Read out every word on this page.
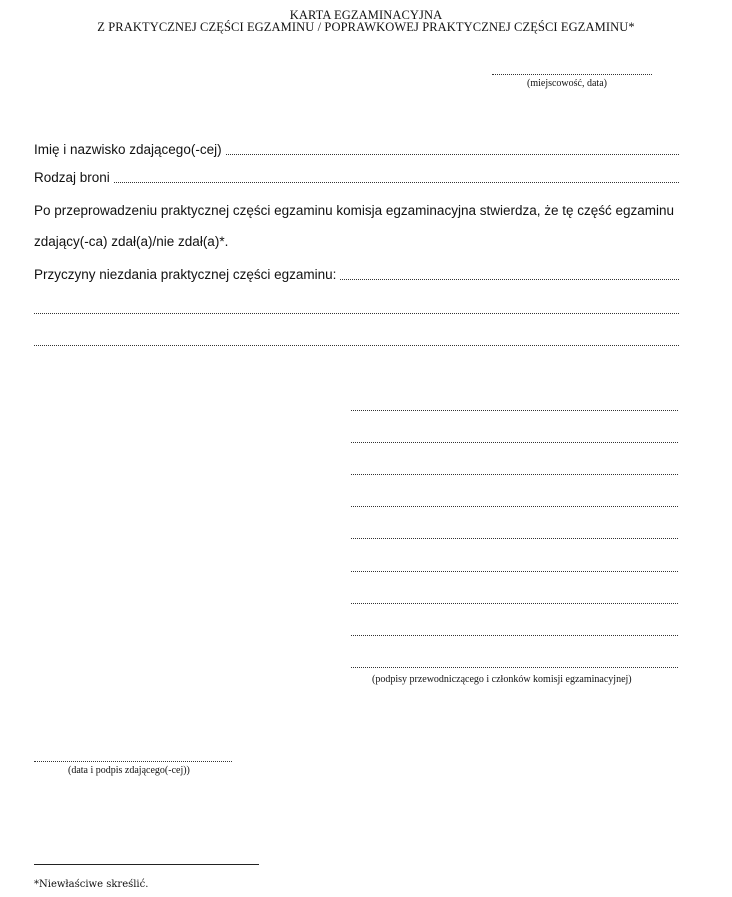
KARTA EGZAMINACYJNA
Z PRAKTYCZNEJ CZĘŚCI EGZAMINU / POPRAWKOWEJ PRAKTYCZNEJ CZĘŚCI EGZAMINU*
(miejscowość, data)
Imię i nazwisko zdającego(-cej)
Rodzaj broni
Po przeprowadzeniu praktycznej części egzaminu komisja egzaminacyjna stwierdza, że tę część egzaminu
zdający(-ca) zdał(a)/nie zdał(a)*.
Przyczyny niezdania praktycznej części egzaminu:
(podpisy przewodniczącego i członków komisji egzaminacyjnej)
(data i podpis zdającego(-cej))
*Niewłaściwe skreślić.
